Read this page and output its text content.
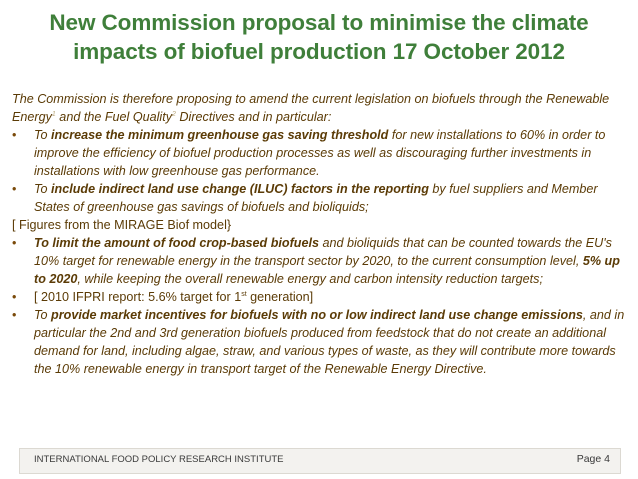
New Commission proposal to minimise the climate
impacts of biofuel production 17 October 2012

The Commission is therefore proposing to amend the current legislation on biofuels through the Renewable Energy$^1$ and the Fuel Quality$^2$ Directives and in particular:

• To increase the minimum greenhouse gas saving threshold for new installations to 60% in order to improve the efficiency of biofuel production processes as well as discouraging further investments in installations with low greenhouse gas performance.

• To include indirect land use change (ILUC) factors in the reporting by fuel suppliers and Member States of greenhouse gas savings of biofuels and bioliquids;

[ Figures from the MIRAGE Biof model}

• To limit the amount of food crop-based biofuels and bioliquids that can be counted towards the EU's 10% target for renewable energy in the transport sector by 2020, to the current consumption level, 5% up to 2020, while keeping the overall renewable energy and carbon intensity reduction targets;

• [ 2010 IFPRI report: 5.6% target for 1st generation]

• To provide market incentives for biofuels with no or low indirect land use change emissions, and in particular the 2nd and 3rd generation biofuels produced from feedstock that do not create an additional demand for land, including algae, straw, and various types of waste, as they will contribute more towards the 10% renewable energy in transport target of the Renewable Energy Directive.

INTERNATIONAL FOOD POLICY RESEARCH INSTITUTE	Page 4
